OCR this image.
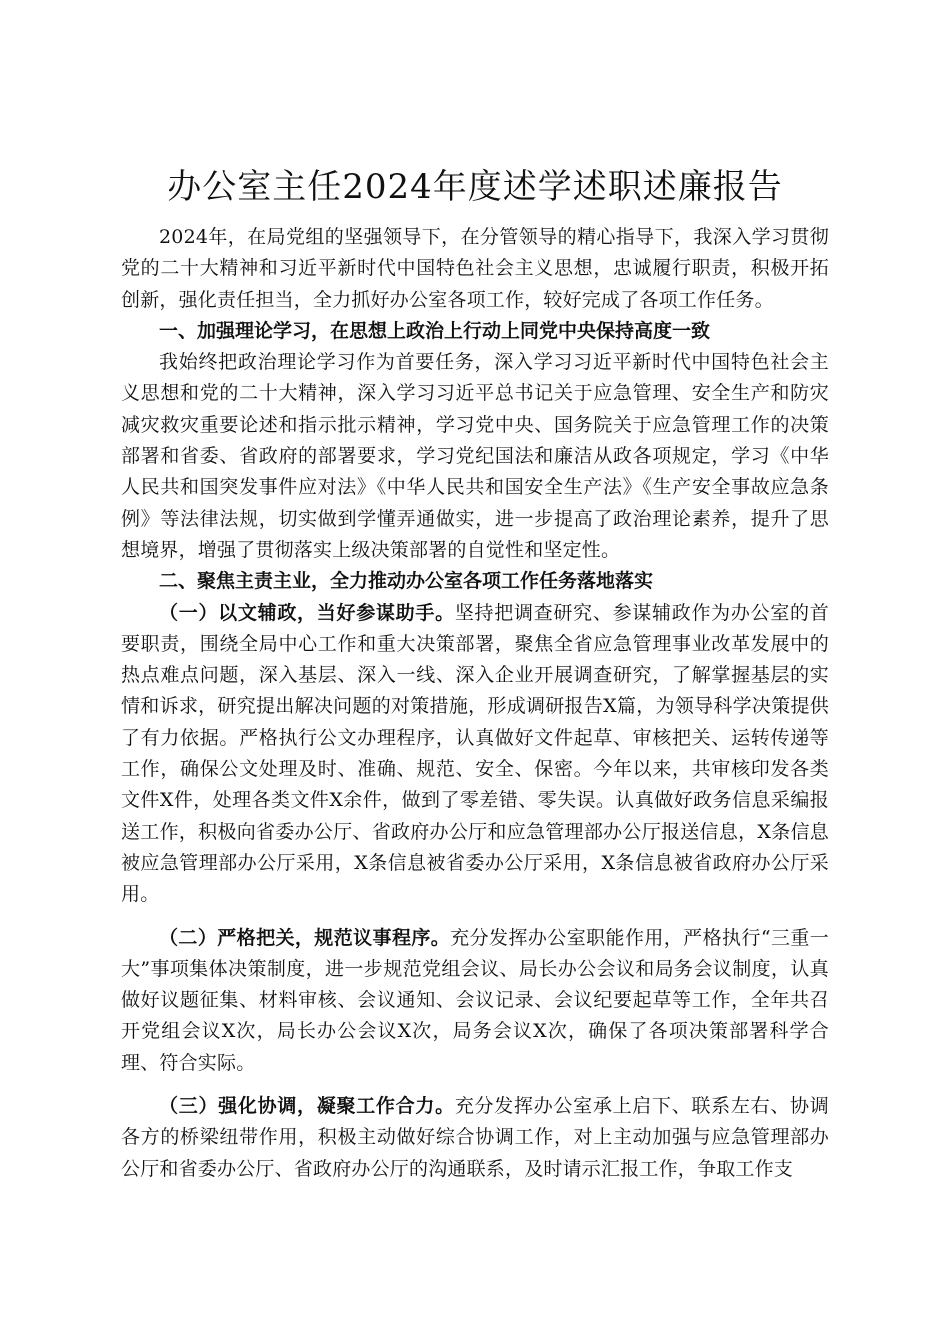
办公室主任2024年度述学述职述廉报告

2024年，在局党组的坚强领导下，在分管领导的精心指导下，我深入学习贯彻党的二十大精神和习近平新时代中国特色社会主义思想，忠诚履行职责，积极开拓创新，强化责任担当，全力抓好办公室各项工作，较好完成了各项工作任务。

一、加强理论学习，在思想上政治上行动上同党中央保持高度一致

我始终把政治理论学习作为首要任务，深入学习习近平新时代中国特色社会主义思想和党的二十大精神，深入学习习近平总书记关于应急管理、安全生产和防灾减灾救灾重要论述和指示批示精神，学习党中央、国务院关于应急管理工作的决策部署和省委、省政府的部署要求，学习党纪国法和廉洁从政各项规定，学习《中华人民共和国突发事件应对法》《中华人民共和国安全生产法》《生产安全事故应急条例》等法律法规，切实做到学懂弄通做实，进一步提高了政治理论素养，提升了思想境界，增强了贯彻落实上级决策部署的自觉性和坚定性。

二、聚焦主责主业，全力推动办公室各项工作任务落地落实

（一）以文辅政，当好参谋助手。坚持把调查研究、参谋辅政作为办公室的首要职责，围绕全局中心工作和重大决策部署，聚焦全省应急管理事业改革发展中的热点难点问题，深入基层、深入一线、深入企业开展调查研究，了解掌握基层的实情和诉求，研究提出解决问题的对策措施，形成调研报告X篇，为领导科学决策提供了有力依据。严格执行公文办理程序，认真做好文件起草、审核把关、运转传递等工作，确保公文处理及时、准确、规范、安全、保密。今年以来，共审核印发各类文件X件，处理各类文件X余件，做到了零差错、零失误。认真做好政务信息采编报送工作，积极向省委办公厅、省政府办公厅和应急管理部办公厅报送信息，X条信息被应急管理部办公厅采用，X条信息被省委办公厅采用，X条信息被省政府办公厅采用。

（二）严格把关，规范议事程序。充分发挥办公室职能作用，严格执行“三重一大”事项集体决策制度，进一步规范党组会议、局长办公会议和局务会议制度，认真做好议题征集、材料审核、会议通知、会议记录、会议纪要起草等工作，全年共召开党组会议X次，局长办公会议X次，局务会议X次，确保了各项决策部署科学合理、符合实际。

（三）强化协调，凝聚工作合力。充分发挥办公室承上启下、联系左右、协调各方的桥梁纽带作用，积极主动做好综合协调工作，对上主动加强与应急管理部办公厅和省委办公厅、省政府办公厅的沟通联系，及时请示汇报工作，争取工作支
